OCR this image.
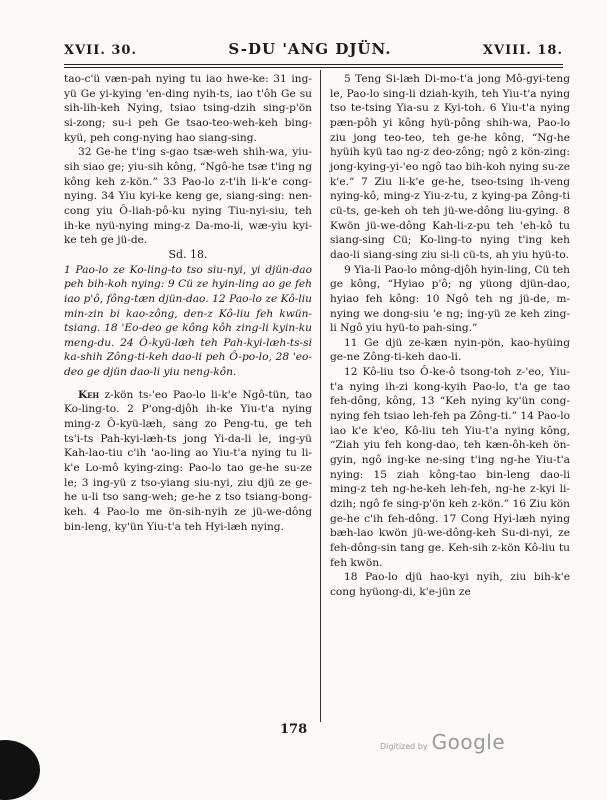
XVII. 30.	S-DU 'ANG DJÜN.	XVIII. 18.

tao-c'ü væn-pah nying tu iao hwe-ke: 31 ing-yü Ge yi-kying 'en-ding nyih-ts, iao t'ôh Ge su sih-lih-keh Nying, tsiao tsing-dzih sing-p'ön si-zong; su-i peh Ge tsao-teo-weh-keh bing-kyü, peh cong-nying hao siang-sing.

32 Ge-he t'ing s-gao tsæ-weh shih-wa, yiu-sih siao ge; yiu-sih kông, “Ngô-he tsæ t'ing ng kông keh z-kön.” 33 Pao-lo z-t'ih li-k'e cong-nying. 34 Yiu kyi-ke keng ge, siang-sing: nen-cong yiu Ô-liah-pô-ku nying Tiu-nyi-siu, teh ih-ke nyü-nying ming-z Da-mo-li, wæ-yiu kyi-ke teh ge jü-de.

Sd. 18.

1 Pao-lo ze Ko-ling-to tso siu-nyi, yi djün-dao peh bih-koh nying: 9 Cü ze hyin-ling ao ge feh iao p'ô, fông-tæn djün-dao. 12 Pao-lo ze Kô-liu min-zin bi kao-zông, den-z Kô-liu feh kwün-tsiang. 18 'Eo-deo ge kông kôh zing-li kyin-ku meng-du. 24 Ô-kyü-læh teh Pah-kyi-læh-ts-si ka-shih Zông-ti-keh dao-li peh Ô-po-lo, 28 'eo-deo ge djün dao-li yiu neng-kôn.

Keh z-kön ts-'eo Pao-lo li-k'e Ngô-tün, tao Ko-ling-to. 2 P'ong-djôh ih-ke Yiu-t'a nying ming-z Ô-kyü-læh, sang zo Peng-tu, ge teh ts'i-ts Pah-kyi-læh-ts jong Yi-da-li le, ing-yü Kah-lao-tiu c'ih 'ao-ling ao Yiu-t'a nying tu li-k'e Lo-mô kying-zing: Pao-lo tao ge-he su-ze le; 3 ing-yü z tso-yiang siu-nyi, ziu djü ze ge-he u-li tso sang-weh; ge-he z tso tsiang-bong-keh. 4 Pao-lo me ön-sih-nyih ze jü-we-dông bin-leng, ky'ün Yiu-t'a teh Hyi-læh nying.

5 Teng Si-læh Di-mo-t'a jong Mô-gyi-teng le, Pao-lo sing-li dziah-kyih, teh Yiu-t'a nying tso te-tsing Yia-su z Kyi-toh. 6 Yiu-t'a nying pæn-pôh yi kông hyü-pông shih-wa, Pao-lo ziu jong teo-teo, teh ge-he kông, “Ng-he hyüih kyü tao ng-z deo-zông; ngô z kön-zing: jong-kying-yi-'eo ngô tao bih-koh nying su-ze k'e.” 7 Ziu li-k'e ge-he, tseo-tsing ih-veng nying-kô, ming-z Yiu-z-tu, z kying-pa Zông-ti cü-ts, ge-keh oh teh jü-we-dông liu-gying. 8 Kwön jü-we-dông Kah-li-z-pu teh 'eh-kô tu siang-sing Cü; Ko-ling-to nying t'ing keh dao-li siang-sing ziu si-li cü-ts, ah yiu hyü-to.

9 Yia-li Pao-lo mông-djôh hyin-ling, Cü teh ge kông, “Hyiao p'ô; ng yüong djün-dao, hyiao feh kông: 10 Ngô teh ng jü-de, m-nying we dong-siu 'e ng; ing-yü ze keh zing-li Ngô yiu hyü-to pah-sing.”

11 Ge djü ze-kæn nyin-pön, kao-hyüing ge-ne Zông-ti-keh dao-li.

12 Kô-liu tso Ô-ke-ô tsong-toh z-'eo, Yiu-t'a nying ih-zi kong-kyih Pao-lo, t'a ge tao feh-dông, kông, 13 “Keh nying ky'ün cong-nying feh tsiao leh-feh pa Zông-ti.” 14 Pao-lo iao k'e k'eo, Kô-liu teh Yiu-t'a nying kông, “Ziah yiu feh kong-dao, teh kæn-ôh-keh ön-gyin, ngô ing-ke ne-sing t'ing ng-he Yiu-t'a nying: 15 ziah kông-tao bin-leng dao-li ming-z teh ng-he-keh leh-feh, ng-he z-kyi li-dzih; ngô fe sing-p'ön keh z-kön.” 16 Ziu kön ge-he c'ih feh-dông. 17 Cong Hyi-læh nying bæh-lao kwön jü-we-dông-keh Su-di-nyi, ze feh-dông-sin tang ge. Keh-sih z-kön Kô-liu tu feh kwön.

18 Pao-lo djü hao-kyi nyih, ziu bih-k'e cong hyüong-di, k'e-jün ze

178
Digitized by Google
